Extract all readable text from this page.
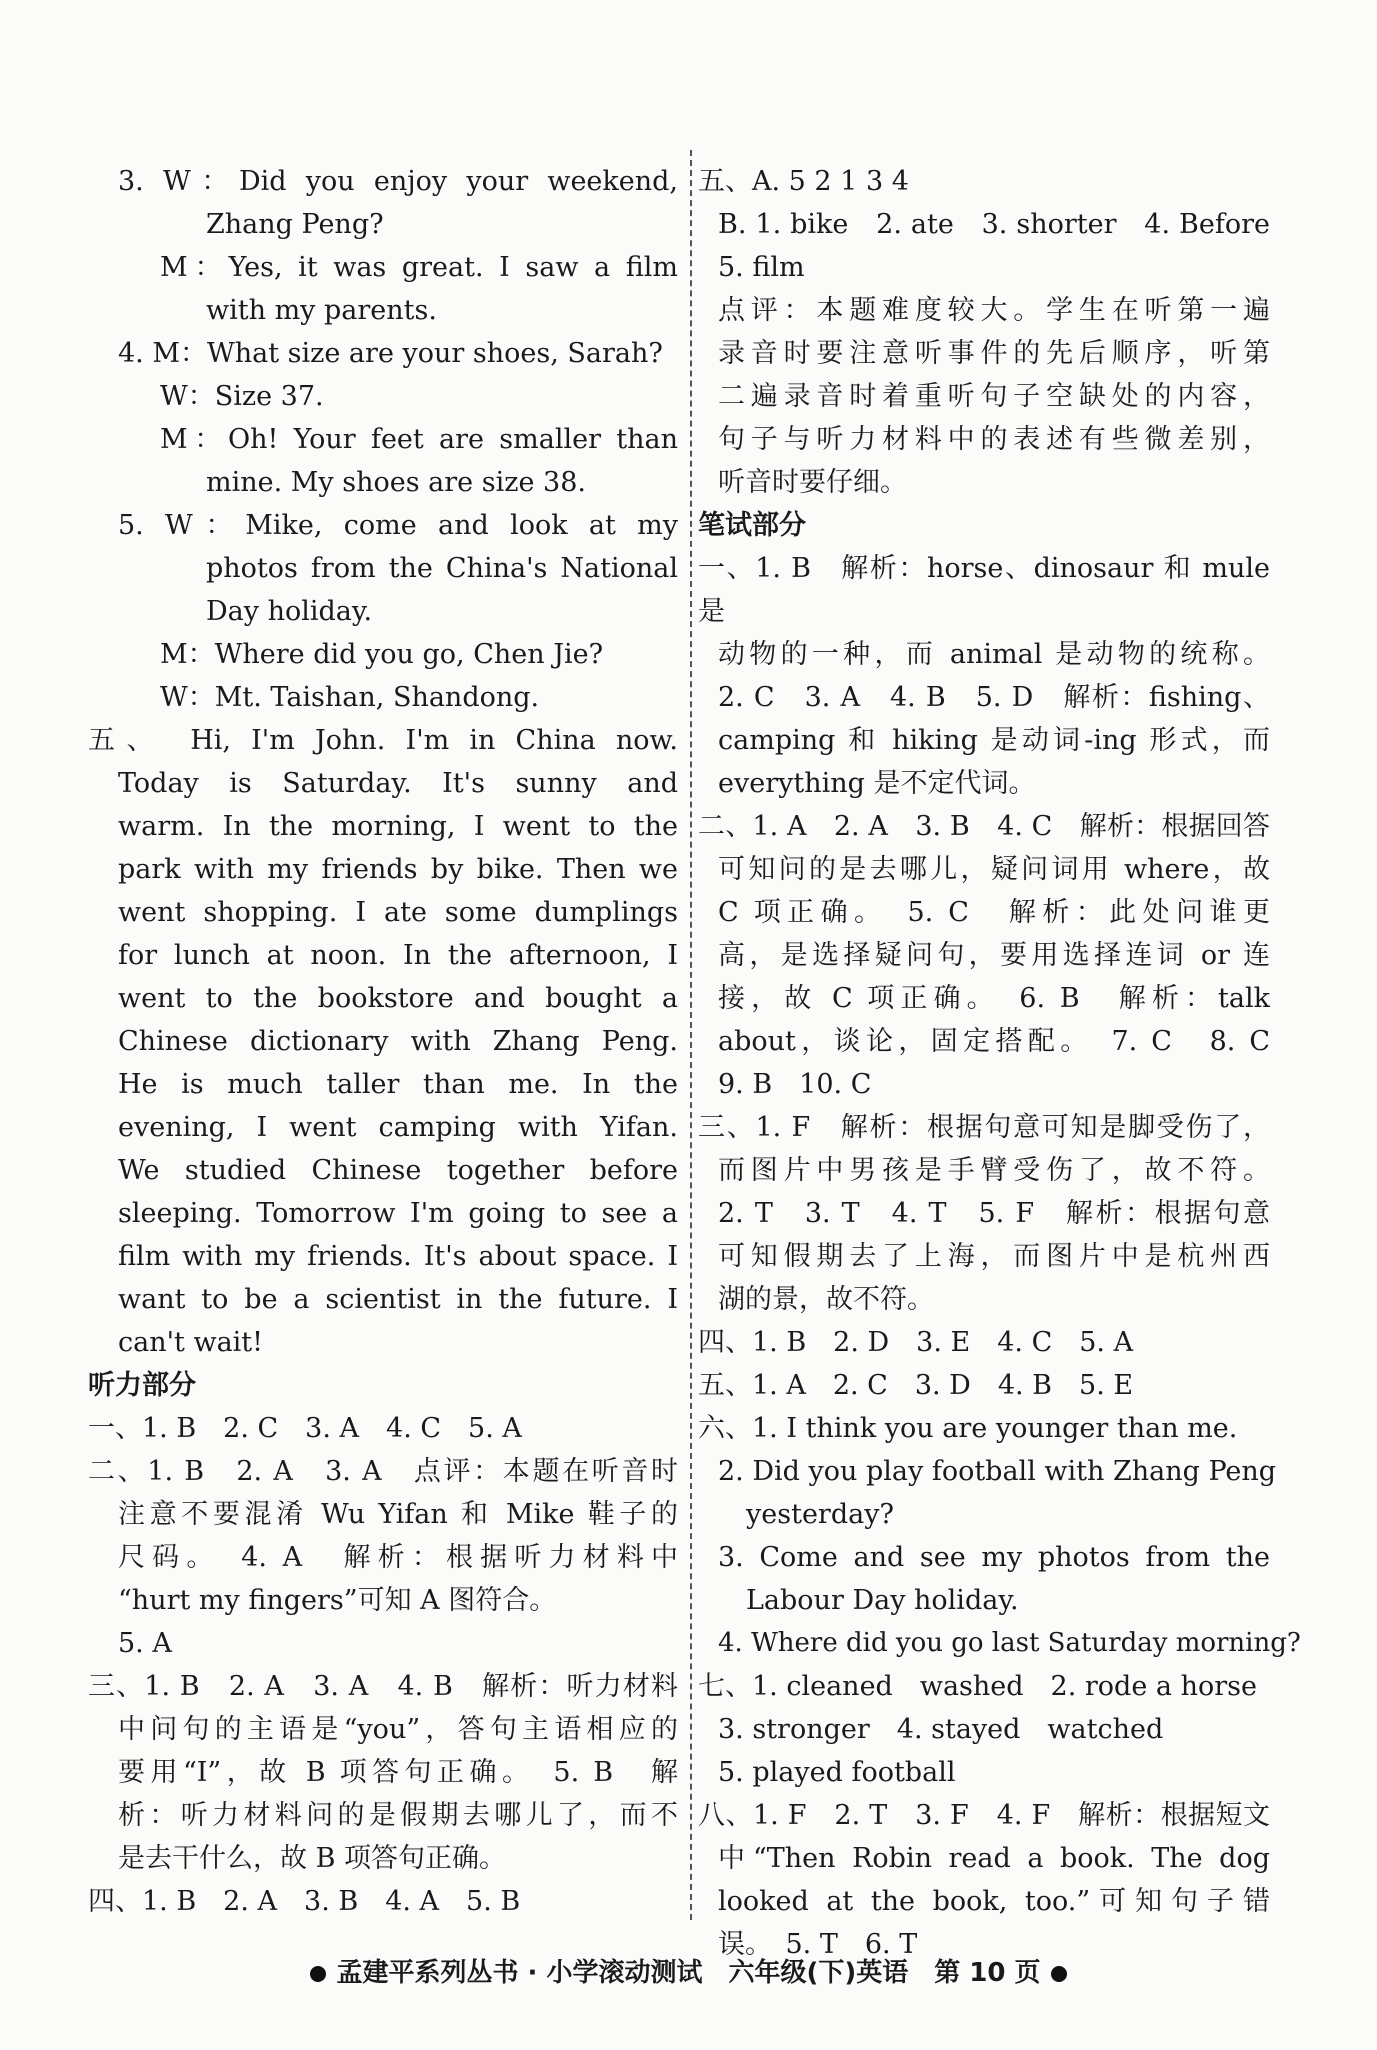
3. W：Did you enjoy your weekend,
Zhang Peng?
M：Yes, it was great. I saw a film
with my parents.
4. M：What size are your shoes, Sarah?
W：Size 37.
M：Oh! Your feet are smaller than
mine. My shoes are size 38.
5. W：Mike, come and look at my
photos from the China's National
Day holiday.
M：Where did you go, Chen Jie?
W：Mt. Taishan, Shandong.
五、　Hi, I'm John. I'm in China now.
Today is Saturday. It's sunny and
warm. In the morning, I went to the
park with my friends by bike. Then we
went shopping. I ate some dumplings
for lunch at noon. In the afternoon, I
went to the bookstore and bought a
Chinese dictionary with Zhang Peng.
He is much taller than me. In the
evening, I went camping with Yifan.
We studied Chinese together before
sleeping. Tomorrow I'm going to see a
film with my friends. It's about space. I
want to be a scientist in the future. I
can't wait!
听力部分
一、1. B　2. C　3. A　4. C　5. A
二、1. B　2. A　3. A　点评：本题在听音时
注意不要混淆 Wu Yifan 和 Mike 鞋子的
尺码。　4. A　解析：根据听力材料中
“hurt my fingers”可知 A 图符合。
5. A
三、1. B　2. A　3. A　4. B　解析：听力材料
中问句的主语是“you”，答句主语相应的
要用“I”，故 B 项答句正确。　5. B　解
析：听力材料问的是假期去哪儿了，而不
是去干什么，故 B 项答句正确。
四、1. B　2. A　3. B　4. A　5. B
五、A. 5 2 1 3 4
B. 1. bike　2. ate　3. shorter　4. Before
5. film
点评：本题难度较大。学生在听第一遍
录音时要注意听事件的先后顺序，听第
二遍录音时着重听句子空缺处的内容，
句子与听力材料中的表述有些微差别，
听音时要仔细。
笔试部分
一、1. B　解析：horse、dinosaur 和 mule 是
动物的一种，而 animal 是动物的统称。
2. C　3. A　4. B　5. D　解析：fishing、
camping 和 hiking 是动词-ing 形式，而
everything 是不定代词。
二、1. A　2. A　3. B　4. C　解析：根据回答
可知问的是去哪儿，疑问词用 where，故
C 项正确。　5. C　解析：此处问谁更
高，是选择疑问句，要用选择连词 or 连
接，故 C 项正确。　6. B　解析：talk
about，谈论，固定搭配。　7. C　8. C
9. B　10. C
三、1. F　解析：根据句意可知是脚受伤了，
而图片中男孩是手臂受伤了，故不符。
2. T　3. T　4. T　5. F　解析：根据句意
可知假期去了上海，而图片中是杭州西
湖的景，故不符。
四、1. B　2. D　3. E　4. C　5. A
五、1. A　2. C　3. D　4. B　5. E
六、1. I think you are younger than me.
2. Did you play football with Zhang Peng
yesterday?
3. Come and see my photos from the
Labour Day holiday.
4. Where did you go last Saturday morning?
七、1. cleaned　washed　2. rode a horse
3. stronger　4. stayed　watched
5. played football
八、1. F　2. T　3. F　4. F　解析：根据短文
中“Then Robin read a book. The dog
looked at the book, too.”可知句子错
误。　5. T　6. T
孟建平系列丛书 · 小学滚动测试　六年级(下)英语　第 10 页
